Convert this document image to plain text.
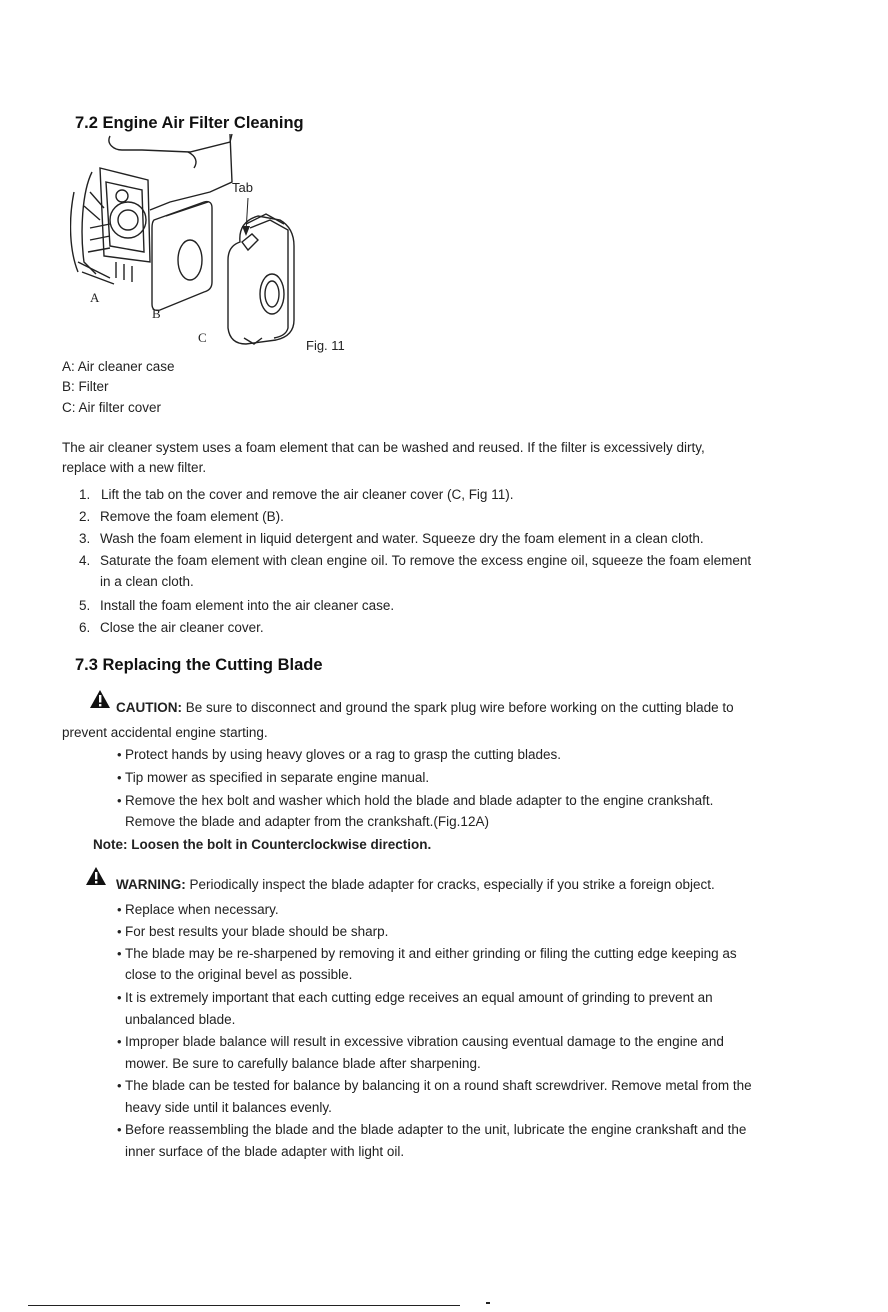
7.2 Engine Air Filter Cleaning
Tab
A
B
C
Fig. 11
A: Air cleaner case
B: Filter
C: Air filter cover
The air cleaner system uses a foam element that can be washed and reused. If the filter is excessively dirty,
replace with a new filter.
1. Lift the tab on the cover and remove the air cleaner cover (C, Fig 11).
2. Remove the foam element (B).
3. Wash the foam element in liquid detergent and water. Squeeze dry the foam element in a clean cloth.
4. Saturate the foam element with clean engine oil. To remove the excess engine oil, squeeze the foam element
in a clean cloth.
5. Install the foam element into the air cleaner case.
6. Close the air cleaner cover.
7.3 Replacing the Cutting Blade
CAUTION: Be sure to disconnect and ground the spark plug wire before working on the cutting blade to
prevent accidental engine starting.
• Protect hands by using heavy gloves or a rag to grasp the cutting blades.
• Tip mower as specified in separate engine manual.
• Remove the hex bolt and washer which hold the blade and blade adapter to the engine crankshaft.
Remove the blade and adapter from the crankshaft.(Fig.12A)
Note: Loosen the bolt in Counterclockwise direction.
WARNING: Periodically inspect the blade adapter for cracks, especially if you strike a foreign object.
• Replace when necessary.
• For best results your blade should be sharp.
• The blade may be re-sharpened by removing it and either grinding or filing the cutting edge keeping as
close to the original bevel as possible.
• It is extremely important that each cutting edge receives an equal amount of grinding to prevent an
unbalanced blade.
• Improper blade balance will result in excessive vibration causing eventual damage to the engine and
mower. Be sure to carefully balance blade after sharpening.
• The blade can be tested for balance by balancing it on a round shaft screwdriver. Remove metal from the
heavy side until it balances evenly.
• Before reassembling the blade and the blade adapter to the unit, lubricate the engine crankshaft and the
inner surface of the blade adapter with light oil.
